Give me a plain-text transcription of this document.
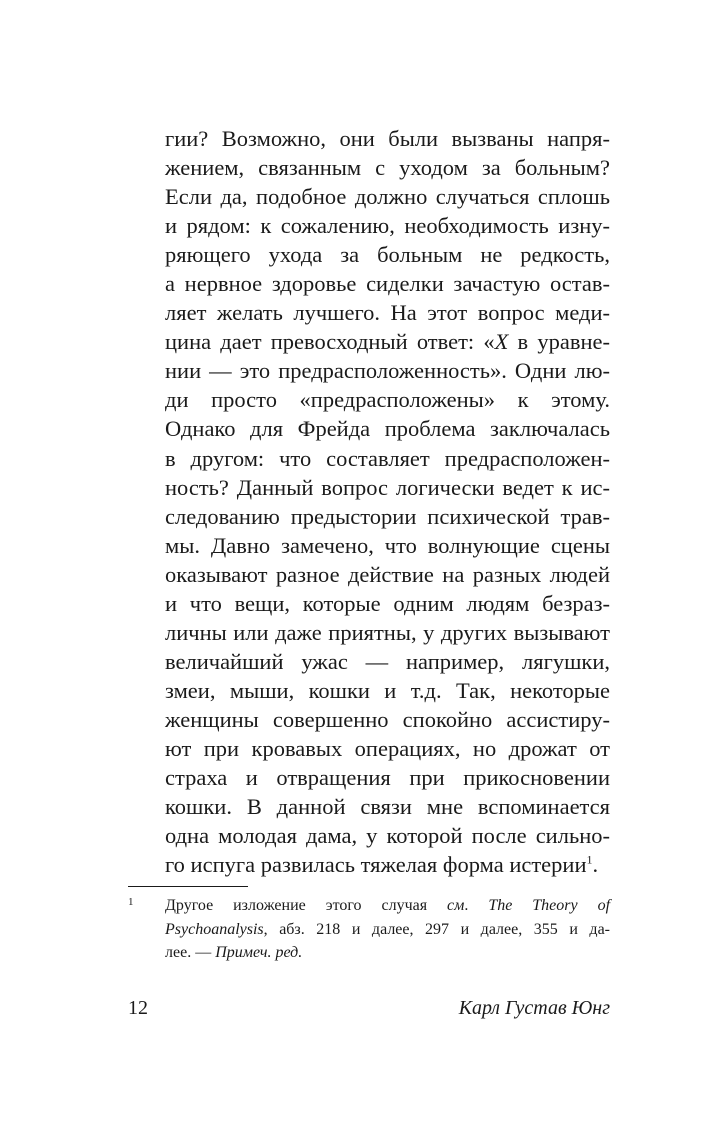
гии? Возможно, они были вызваны напря-
жением, связанным с уходом за больным?
Если да, подобное должно случаться сплошь
и рядом: к сожалению, необходимость изну-
ряющего ухода за больным не редкость,
а нервное здоровье сиделки зачастую остав-
ляет желать лучшего. На этот вопрос меди-
цина дает превосходный ответ: «X в уравне-
нии — это предрасположенность». Одни лю-
ди просто «предрасположены» к этому.
Однако для Фрейда проблема заключалась
в другом: что составляет предрасположен-
ность? Данный вопрос логически ведет к ис-
следованию предыстории психической трав-
мы. Давно замечено, что волнующие сцены
оказывают разное действие на разных людей
и что вещи, которые одним людям безраз-
личны или даже приятны, у других вызывают
величайший ужас — например, лягушки,
змеи, мыши, кошки и т.д. Так, некоторые
женщины совершенно спокойно ассистиру-
ют при кровавых операциях, но дрожат от
страха и отвращения при прикосновении
кошки. В данной связи мне вспоминается
одна молодая дама, у которой после сильно-
го испуга развилась тяжелая форма истерии$^1$.
1 Другое изложение этого случая см. The Theory of
Psychoanalysis, абз. 218 и далее, 297 и далее, 355 и да-
лее. — Примеч. ред.
12	Карл Густав Юнг
